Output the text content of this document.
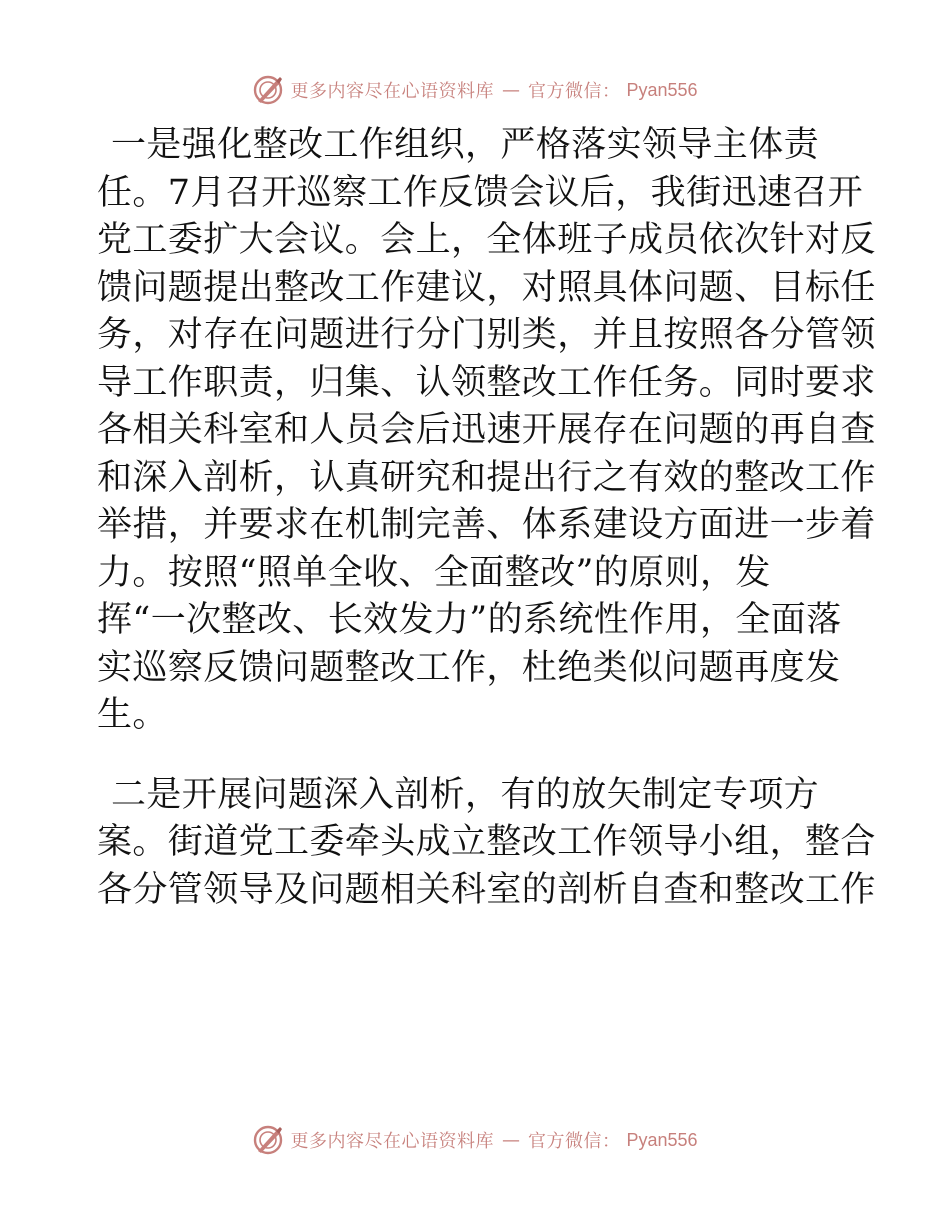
更多内容尽在心语资料库 — 官方微信： Pyan556

一是强化整改工作组织，严格落实领导主体责
任。7月召开巡察工作反馈会议后，我街迅速召开
党工委扩大会议。会上，全体班子成员依次针对反
馈问题提出整改工作建议，对照具体问题、目标任
务，对存在问题进行分门别类，并且按照各分管领
导工作职责，归集、认领整改工作任务。同时要求
各相关科室和人员会后迅速开展存在问题的再自查
和深入剖析，认真研究和提出行之有效的整改工作
举措，并要求在机制完善、体系建设方面进一步着
力。按照“照单全收、全面整改”的原则，发
挥“一次整改、长效发力”的系统性作用，全面落
实巡察反馈问题整改工作，杜绝类似问题再度发
生。

二是开展问题深入剖析，有的放矢制定专项方
案。街道党工委牵头成立整改工作领导小组，整合
各分管领导及问题相关科室的剖析自查和整改工作

更多内容尽在心语资料库 — 官方微信： Pyan556
